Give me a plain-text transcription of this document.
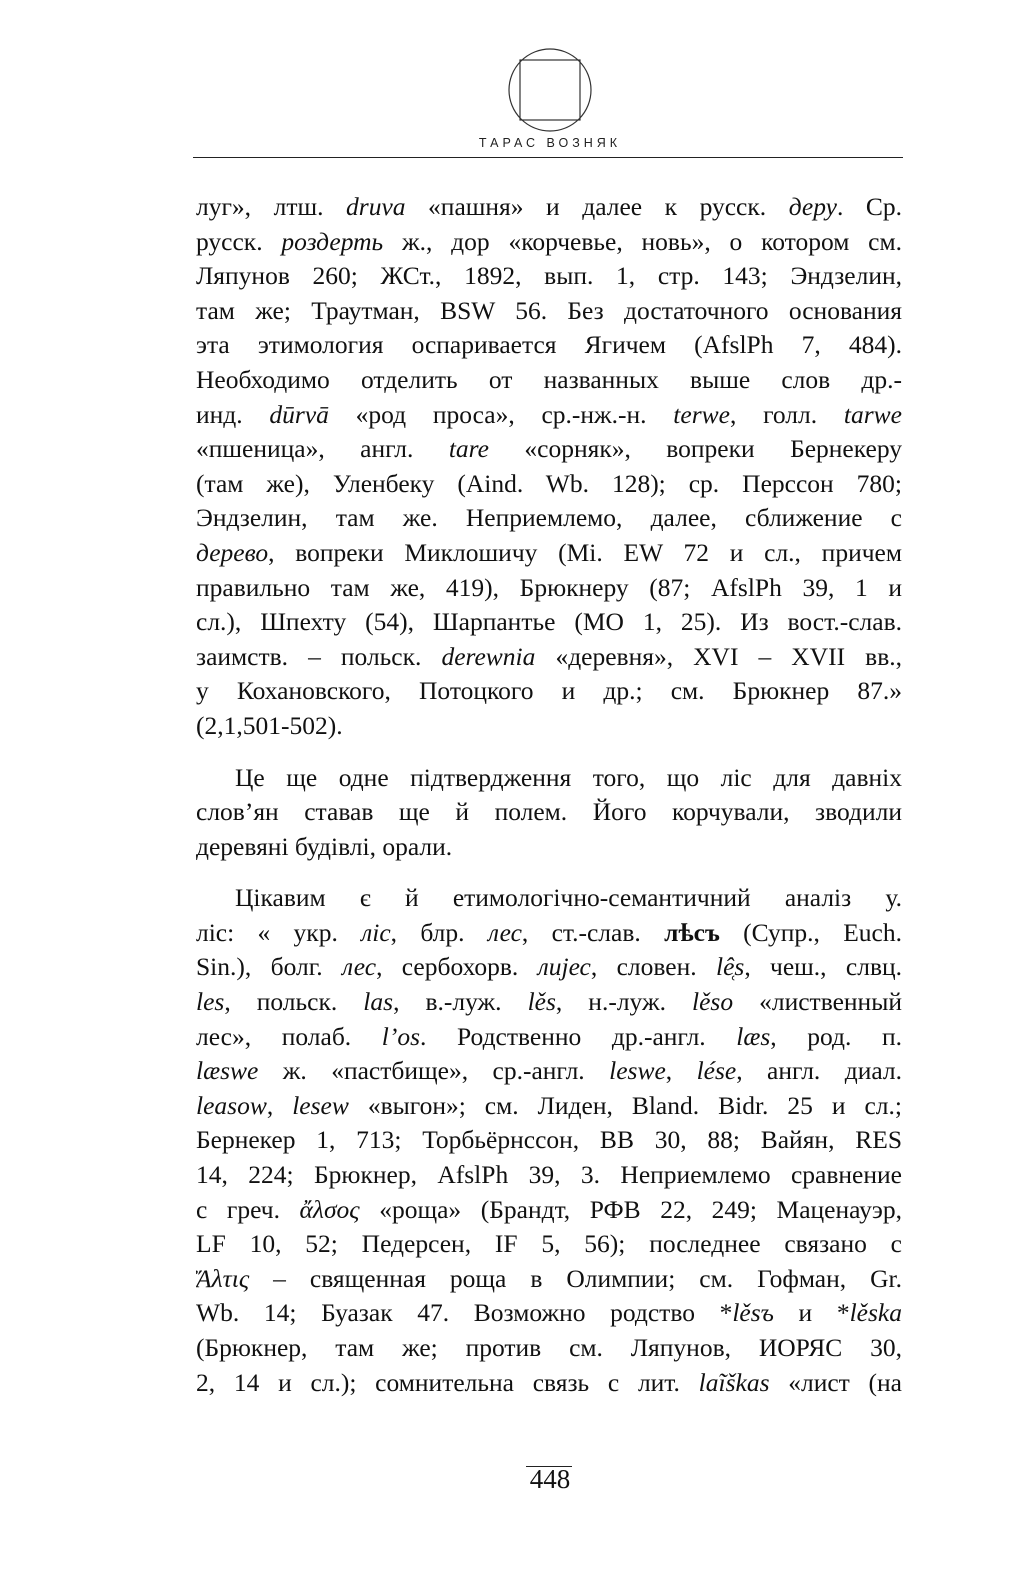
ТАРАС ВОЗНЯК
луг», лтш. druva «пашня» и далее к русск. деру. Ср.
русск. роздерть ж., дор «корчевье, новь», о котором см.
Ляпунов 260; ЖСт., 1892, вып. 1, стр. 143; Эндзелин,
там же; Траутман, BSW 56. Без достаточного основания
эта этимология оспаривается Ягичем (AfslPh 7, 484).
Необходимо отделить от названных выше слов др.-
инд. dūrvā «род проса», ср.-нж.-н. terwe, голл. tarwe
«пшеница», англ. tare «сорняк», вопреки Бернекеру
(там же), Уленбеку (Aind. Wb. 128); ср. Перссон 780;
Эндзелин, там же. Неприемлемо, далее, сближение с
дерево, вопреки Миклошичу (Mi. EW 72 и сл., причем
правильно там же, 419), Брюкнеру (87; AfslPh 39, 1 и
сл.), Шпехту (54), Шарпантье (MO 1, 25). Из вост.-слав.
заимств. – польск. derewnia «деревня», XVI – XVII вв.,
у Кохановского, Потоцкого и др.; см. Брюкнер 87.»
(2,1,501-502).
Це ще одне підтвердження того, що ліс для давніх
слов’ян ставав ще й полем. Його корчували, зводили
деревяні будівлі, орали.
Цікавим є й етимологічно-семантичний аналіз у.
ліс: « укр. ліс, блр. лес, ст.-слав. лѣсъ (Супр., Euch.
Sin.), болг. лес, сербохорв. лиjес, словен. lê̜s, чеш., слвц.
les, польск. las, в.-луж. lěs, н.-луж. lěso «лиственный
лес», полаб. l’os. Родственно др.-англ. læs, род. п.
læswe ж. «пастбище», ср.-англ. leswe, lése, англ. диал.
leasow, lesew «выгон»; см. Лиден, Bland. Bidr. 25 и сл.;
Бернекер 1, 713; Торбьёрнссон, BB 30, 88; Вайян, RES
14, 224; Брюкнер, AfslPh 39, 3. Неприемлемо сравнение
с греч. ἄλσος «роща» (Брандт, РФВ 22, 249; Маценауэр,
LF 10, 52; Педерсен, IF 5, 56); последнее связано с
Ἄλτις – священная роща в Олимпии; см. Гофман, Gr.
Wb. 14; Буазак 47. Возможно родство *lěsъ и *lěska
(Брюкнер, там же; против см. Ляпунов, ИОРЯС 30,
2, 14 и сл.); сомнительна связь с лит. laĩškas «лист (на
448
